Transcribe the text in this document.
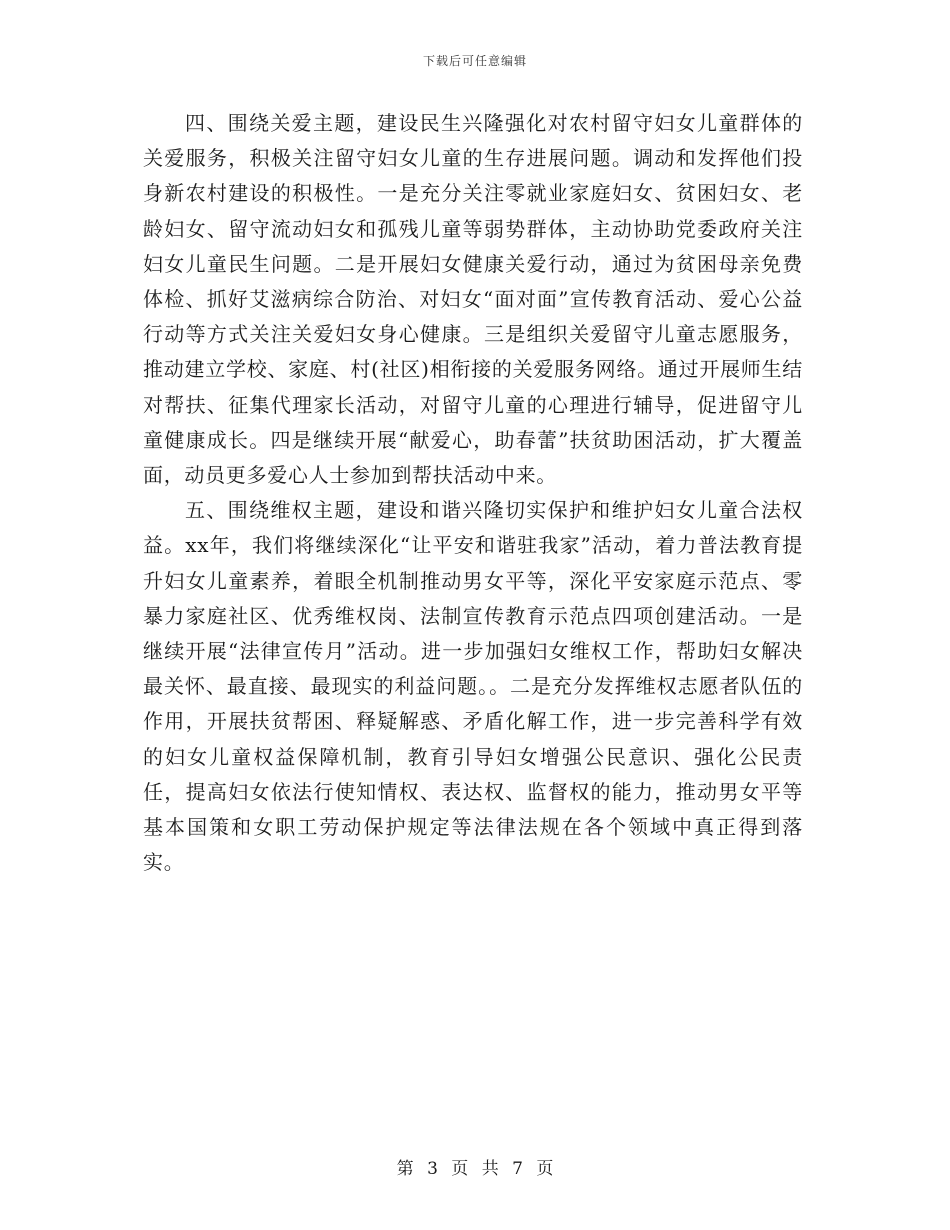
下载后可任意编辑

四、围绕关爱主题，建设民生兴隆强化对农村留守妇女儿童群体的关爱服务，积极关注留守妇女儿童的生存进展问题。调动和发挥他们投身新农村建设的积极性。一是充分关注零就业家庭妇女、贫困妇女、老龄妇女、留守流动妇女和孤残儿童等弱势群体，主动协助党委政府关注妇女儿童民生问题。二是开展妇女健康关爱行动，通过为贫困母亲免费体检、抓好艾滋病综合防治、对妇女“面对面”宣传教育活动、爱心公益行动等方式关注关爱妇女身心健康。三是组织关爱留守儿童志愿服务，推动建立学校、家庭、村(社区)相衔接的关爱服务网络。通过开展师生结对帮扶、征集代理家长活动，对留守儿童的心理进行辅导，促进留守儿童健康成长。四是继续开展“献爱心，助春蕾”扶贫助困活动，扩大覆盖面，动员更多爱心人士参加到帮扶活动中来。

五、围绕维权主题，建设和谐兴隆切实保护和维护妇女儿童合法权益。xx年，我们将继续深化“让平安和谐驻我家”活动，着力普法教育提升妇女儿童素养，着眼全机制推动男女平等，深化平安家庭示范点、零暴力家庭社区、优秀维权岗、法制宣传教育示范点四项创建活动。一是继续开展“法律宣传月”活动。进一步加强妇女维权工作，帮助妇女解决最关怀、最直接、最现实的利益问题。。二是充分发挥维权志愿者队伍的作用，开展扶贫帮困、释疑解惑、矛盾化解工作，进一步完善科学有效的妇女儿童权益保障机制，教育引导妇女增强公民意识、强化公民责任，提高妇女依法行使知情权、表达权、监督权的能力，推动男女平等基本国策和女职工劳动保护规定等法律法规在各个领域中真正得到落实。

第 3 页 共 7 页
